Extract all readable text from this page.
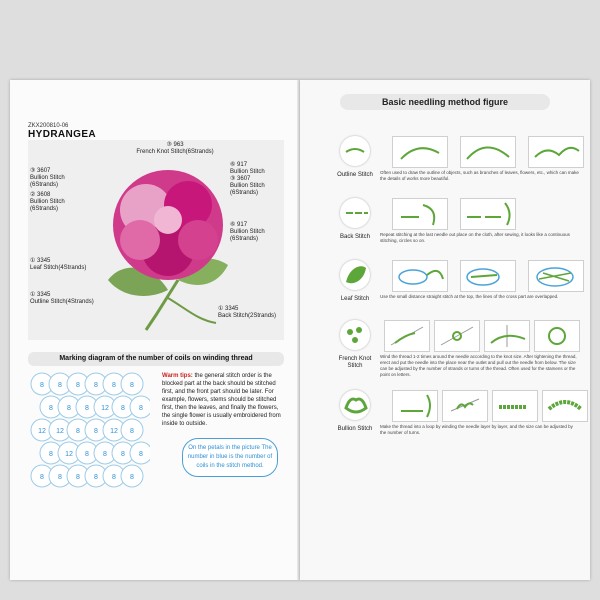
ZKX200810-06
HYDRANGEA
③ 963
French Knot Stitch(6Strands)
③ 3607
Bullion Stitch
(6Strands)
② 3608
Bullion Stitch
(6Strands)
⑥ 917
Bullion Stitch
③ 3607
Bullion Stitch
(6Strands)
⑥ 917
Bullion Stitch
(6Strands)
① 3345
Leaf Stitch(4Strands)
① 3345
Outline Stitch(4Strands)
① 3345
Back Stitch(2Strands)
Marking diagram of the number of coils on winding thread
8 8 8 8 8 8
8 8 8 12 8 8
12 12 8 8 12 8
8 12 8 8 8 8
8 8 8 8 8 8
Warm tips: the general stitch order is the blocked part at the back should be stitched first, and the front part should be later. For example, flowers, stems should be stitched first, then the leaves, and finally the flowers, the single flower is usually embroidered from inside to outside.
On the petals in the picture The number in blue is the number of coils in the stitch method.
Basic needling method figure
Outline Stitch	Often used to draw the outline of objects, such as branches of leaves, flowers, etc., which can make the details of works more beautiful.
Back Stitch	Repeat stitching at the last needle out place on the cloth, after sewing, it looks like a continuous stitching, circles so on.
Leaf Stitch	Use the small distance straight stitch at the top, the lines of the cross part are overlapped.
French Knot
Stitch
Wind the thread 1-2 times around the needle according to the knot size. After tightening the thread, erect and put the needle into the place near the outlet and pull out the needle from below. The size can be adjusted by the number of strands or turns of the thread. Often used for the stamens or the point on letters.
Bullion Stitch	Make the thread into a loop by winding the needle layer by layer, and the size can be adjusted by the number of turns.
